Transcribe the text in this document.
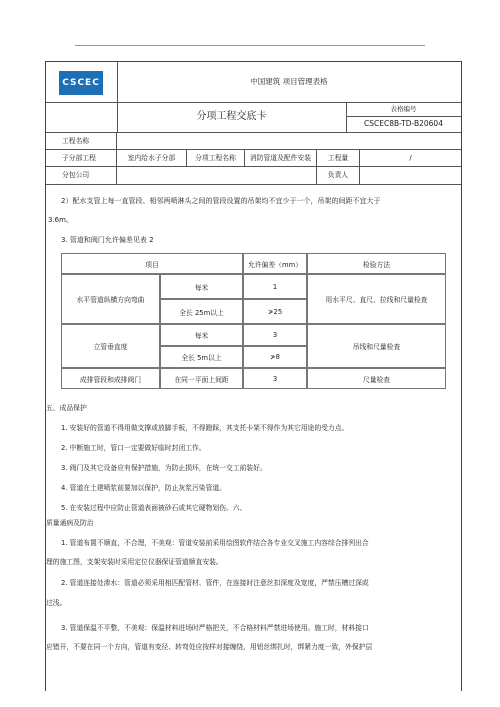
CSCEC	中国建筑 项目管理表格
分项工程交底卡
表格编号
CSCEC8B-TD-B20604
工程名称
子分部工程	室内给水子分部	分项工程名称	消防管道及配件安装	工程量	/
分包公司	负责人
2）配水支管上每一直管段、相邻两喷淋头之间的管段设置的吊架均不宜少于一个，吊架的间距不宜大于
3.6m。
3. 管道和阀门允许偏差见表 2
项目	允许偏差（mm）	检验方法
水平管道纵横方向弯曲
每米	1
用水平尺、直尺、拉线和尺量检查
全长 25m以上	≯25
立管垂直度
每米	3
吊线和尺量检查
全长 5m以上	≯8
成排管段和成排阀门	在同一平面上间距	3	尺量检查
五、成品保护
1. 安装好的管道不得用做支撑或放脚手板，不得蹬踩，其支托卡架不得作为其它用途的受力点。
2. 中断施工时，管口一定要做好临时封闭工作。
3. 阀门及其它设备应有保护措施，为防止损坏，在统一交工前装好。
4. 管道在土建喷浆前要加以保护，防止灰浆污染管道。
5. 在安装过程中应防止管道表面被砂石或其它硬物划伤。六、
质量通病及防治
1. 管道布置不顺直，不合理，不美观：管道安装前采用绘图软件结合各专业交叉施工内容综合排列出合
理的施工图，支架安装时采用定位仪器保证管道顺直安装。
2. 管道连接处渗水：管道必须采用相匹配管材、管件，在连接时注意丝扣深度及宽度，严禁压槽过深或
过浅。
3. 管道保温不平整、不美观：保温材料进场时严格把关，不合格材料严禁进场使用。施工时，材料接口
应错开，不要在同一个方向，管道有变径、转弯处应按样对接缠绕，用铝丝绑扎时，绑紧力度一致，外保护层
